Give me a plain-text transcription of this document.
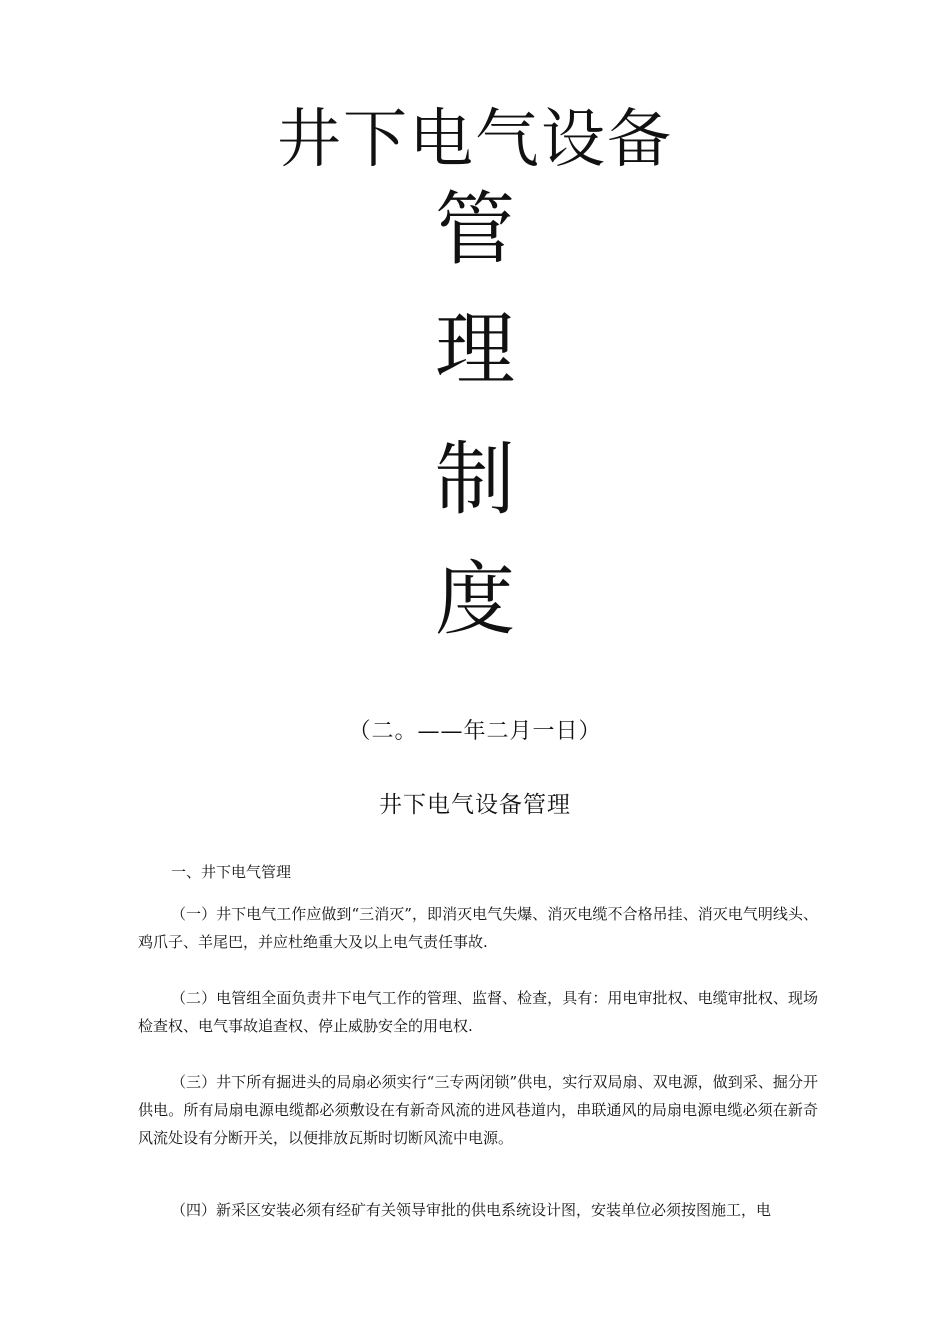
井下电气设备
管
理
制
度
（二。——年二月一日）
井下电气设备管理
一、井下电气管理
（一）井下电气工作应做到“三消灭”，即消灭电气失爆、消灭电缆不合格吊挂、消灭电气明线头、鸡爪子、羊尾巴，并应杜绝重大及以上电气责任事故.
（二）电管组全面负责井下电气工作的管理、监督、检查，具有：用电审批权、电缆审批权、现场检查权、电气事故追查权、停止威胁安全的用电权.
（三）井下所有掘进头的局扇必须实行“三专两闭锁”供电，实行双局扇、双电源，做到采、掘分开供电。所有局扇电源电缆都必须敷设在有新奇风流的进风巷道内，串联通风的局扇电源电缆必须在新奇风流处设有分断开关，以便排放瓦斯时切断风流中电源。
（四）新采区安装必须有经矿有关领导审批的供电系统设计图，安装单位必须按图施工，电
